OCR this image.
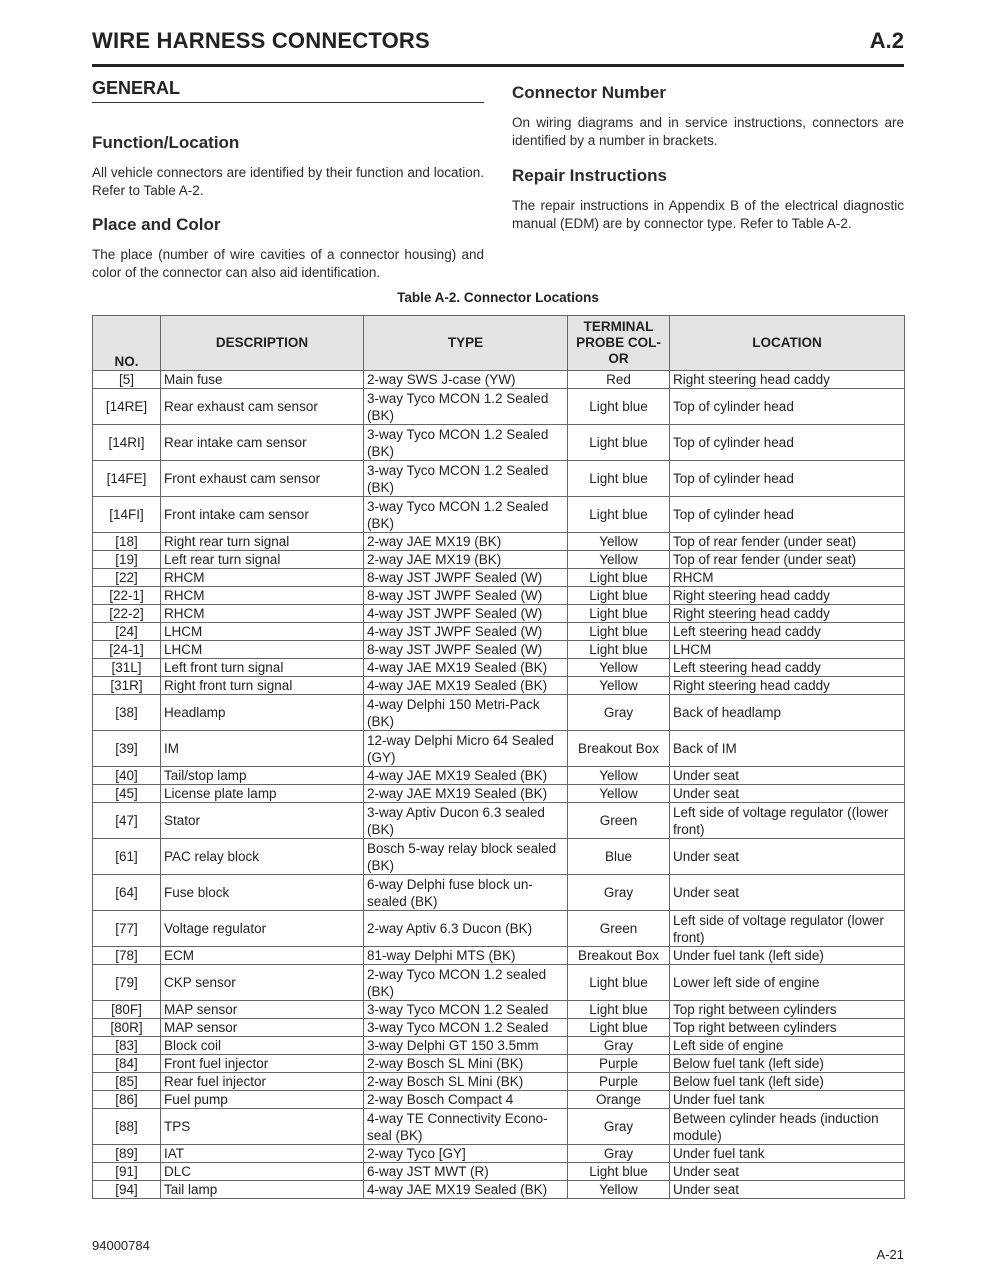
WIRE HARNESS CONNECTORS	A.2
GENERAL
Function/Location

All vehicle connectors are identified by their function and location. Refer to Table A-2.

Place and Color

The place (number of wire cavities of a connector housing) and color of the connector can also aid identification.

Connector Number

On wiring diagrams and in service instructions, connectors are identified by a number in brackets.

Repair Instructions

The repair instructions in Appendix B of the electrical diagnostic manual (EDM) are by connector type. Refer to Table A-2.

Table A-2. Connector Locations
NO.	DESCRIPTION	TYPE	TERMINAL PROBE COL- OR	LOCATION
[5]	Main fuse	2-way SWS J-case (YW)	Red	Right steering head caddy
[14RE]	Rear exhaust cam sensor	3-way Tyco MCON 1.2 Sealed (BK)	Light blue	Top of cylinder head
[14RI]	Rear intake cam sensor	3-way Tyco MCON 1.2 Sealed (BK)	Light blue	Top of cylinder head
[14FE]	Front exhaust cam sensor	3-way Tyco MCON 1.2 Sealed (BK)	Light blue	Top of cylinder head
[14FI]	Front intake cam sensor	3-way Tyco MCON 1.2 Sealed (BK)	Light blue	Top of cylinder head
[18]	Right rear turn signal	2-way JAE MX19 (BK)	Yellow	Top of rear fender (under seat)
[19]	Left rear turn signal	2-way JAE MX19 (BK)	Yellow	Top of rear fender (under seat)
[22]	RHCM	8-way JST JWPF Sealed (W)	Light blue	RHCM
[22-1]	RHCM	8-way JST JWPF Sealed (W)	Light blue	Right steering head caddy
[22-2]	RHCM	4-way JST JWPF Sealed (W)	Light blue	Right steering head caddy
[24]	LHCM	4-way JST JWPF Sealed (W)	Light blue	Left steering head caddy
[24-1]	LHCM	8-way JST JWPF Sealed (W)	Light blue	LHCM
[31L]	Left front turn signal	4-way JAE MX19 Sealed (BK)	Yellow	Left steering head caddy
[31R]	Right front turn signal	4-way JAE MX19 Sealed (BK)	Yellow	Right steering head caddy
[38]	Headlamp	4-way Delphi 150 Metri-Pack (BK)	Gray	Back of headlamp
[39]	IM	12-way Delphi Micro 64 Sealed (GY)	Breakout Box	Back of IM
[40]	Tail/stop lamp	4-way JAE MX19 Sealed (BK)	Yellow	Under seat
[45]	License plate lamp	2-way JAE MX19 Sealed (BK)	Yellow	Under seat
[47]	Stator	3-way Aptiv Ducon 6.3 sealed (BK)	Green	Left side of voltage regulator ((lower front)
[61]	PAC relay block	Bosch 5-way relay block sealed (BK)	Blue	Under seat
[64]	Fuse block	6-way Delphi fuse block un- sealed (BK)	Gray	Under seat
[77]	Voltage regulator	2-way Aptiv 6.3 Ducon (BK)	Green	Left side of voltage regulator (lower front)
[78]	ECM	81-way Delphi MTS (BK)	Breakout Box	Under fuel tank (left side)
[79]	CKP sensor	2-way Tyco MCON 1.2 sealed (BK)	Light blue	Lower left side of engine
[80F]	MAP sensor	3-way Tyco MCON 1.2 Sealed	Light blue	Top right between cylinders
[80R]	MAP sensor	3-way Tyco MCON 1.2 Sealed	Light blue	Top right between cylinders
[83]	Block coil	3-way Delphi GT 150 3.5mm	Gray	Left side of engine
[84]	Front fuel injector	2-way Bosch SL Mini (BK)	Purple	Below fuel tank (left side)
[85]	Rear fuel injector	2-way Bosch SL Mini (BK)	Purple	Below fuel tank (left side)
[86]	Fuel pump	2-way Bosch Compact 4	Orange	Under fuel tank
[88]	TPS	4-way TE Connectivity Econo- seal (BK)	Gray	Between cylinder heads (induction module)
[89]	IAT	2-way Tyco [GY]	Gray	Under fuel tank
[91]	DLC	6-way JST MWT (R)	Light blue	Under seat
[94]	Tail lamp	4-way JAE MX19 Sealed (BK)	Yellow	Under seat
94000784
A-21
